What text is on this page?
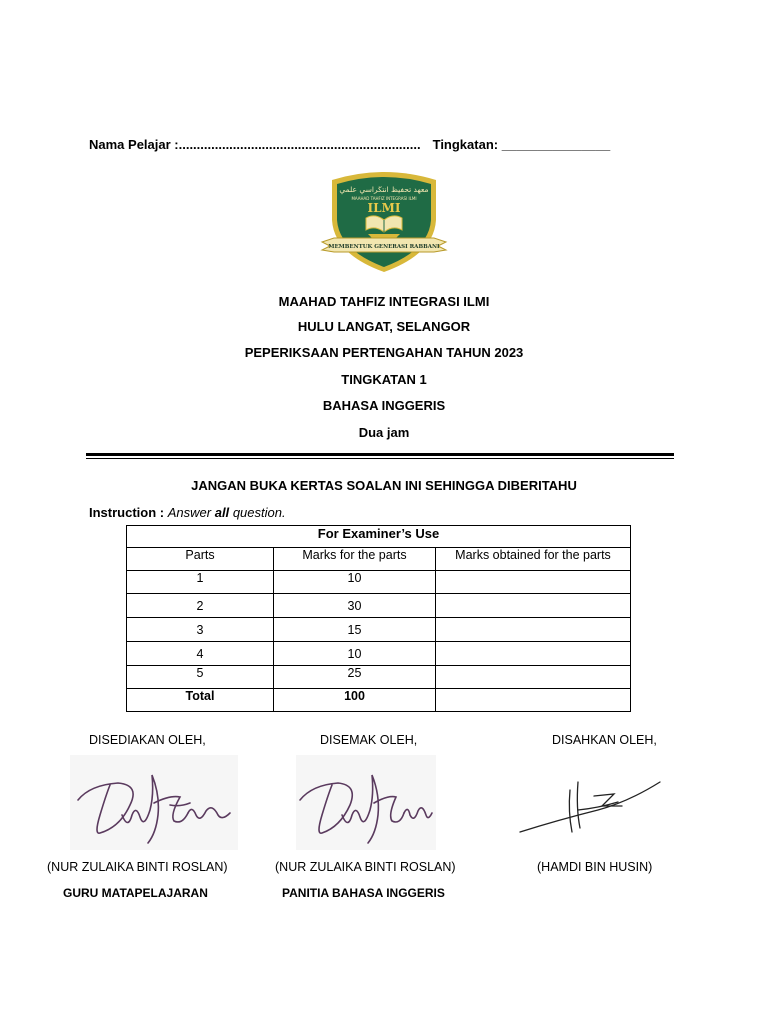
Nama Pelajar :................................................................... Tingkatan: _______________
معهد تحفيظ انتڬراسي علمي
MAAHAD TAHFIZ INTEGRASI ILMI
ILMI
MEMBENTUK GENERASI RABBANI
MAAHAD TAHFIZ INTEGRASI ILMI
HULU LANGAT, SELANGOR
PEPERIKSAAN PERTENGAHAN TAHUN 2023
TINGKATAN 1
BAHASA INGGERIS
Dua jam
JANGAN BUKA KERTAS SOALAN INI SEHINGGA DIBERITAHU
Instruction : Answer all question.
For Examiner’s Use		
Parts	Marks for the parts	Marks obtained for the parts
1	10	
2	30	
3	15	
4	10	
5	25	
Total	100	
DISEDIAKAN OLEH,	DISEMAK OLEH,	DISAHKAN OLEH,
(NUR ZULAIKA BINTI ROSLAN)	(NUR ZULAIKA BINTI ROSLAN)	(HAMDI BIN HUSIN)
GURU MATAPELAJARAN	PANITIA BAHASA INGGERIS
